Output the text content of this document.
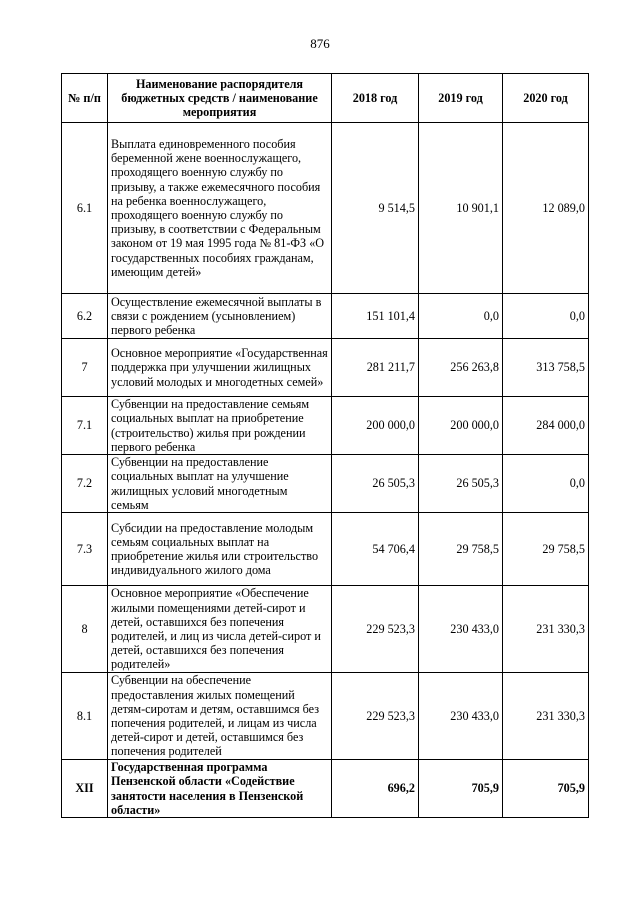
876
№ п/п	Наименование распорядителя бюджетных средств / наименование мероприятия	2018 год	2019 год	2020 год
6.1	Выплата единовременного пособия беременной жене военнослужащего, проходящего военную службу по призыву, а также ежемесячного пособия на ребенка военнослужащего, проходящего военную службу по призыву, в соответствии с Федеральным законом от 19 мая 1995 года № 81-ФЗ «О государственных пособиях гражданам, имеющим детей»	9 514,5	10 901,1	12 089,0
6.2	Осуществление ежемесячной выплаты в связи с рождением (усыновлением) первого ребенка	151 101,4	0,0	0,0
7	Основное мероприятие «Государственная поддержка при улучшении жилищных условий молодых и многодетных семей»	281 211,7	256 263,8	313 758,5
7.1	Субвенции на предоставление семьям социальных выплат на приобретение (строительство) жилья при рождении первого ребенка	200 000,0	200 000,0	284 000,0
7.2	Субвенции на предоставление социальных выплат на улучшение жилищных условий многодетным семьям	26 505,3	26 505,3	0,0
7.3	Субсидии на предоставление молодым семьям социальных выплат на приобретение жилья или строительство индивидуального жилого дома	54 706,4	29 758,5	29 758,5
8	Основное мероприятие «Обеспечение жилыми помещениями детей-сирот и детей, оставшихся без попечения родителей, и лиц из числа детей-сирот и детей, оставшихся без попечения родителей»	229 523,3	230 433,0	231 330,3
8.1	Субвенции на обеспечение предоставления жилых помещений детям-сиротам и детям, оставшимся без попечения родителей, и лицам из числа детей-сирот и детей, оставшимся без попечения родителей	229 523,3	230 433,0	231 330,3
XII	Государственная программа Пензенской области «Содействие занятости населения в Пензенской области»	696,2	705,9	705,9
